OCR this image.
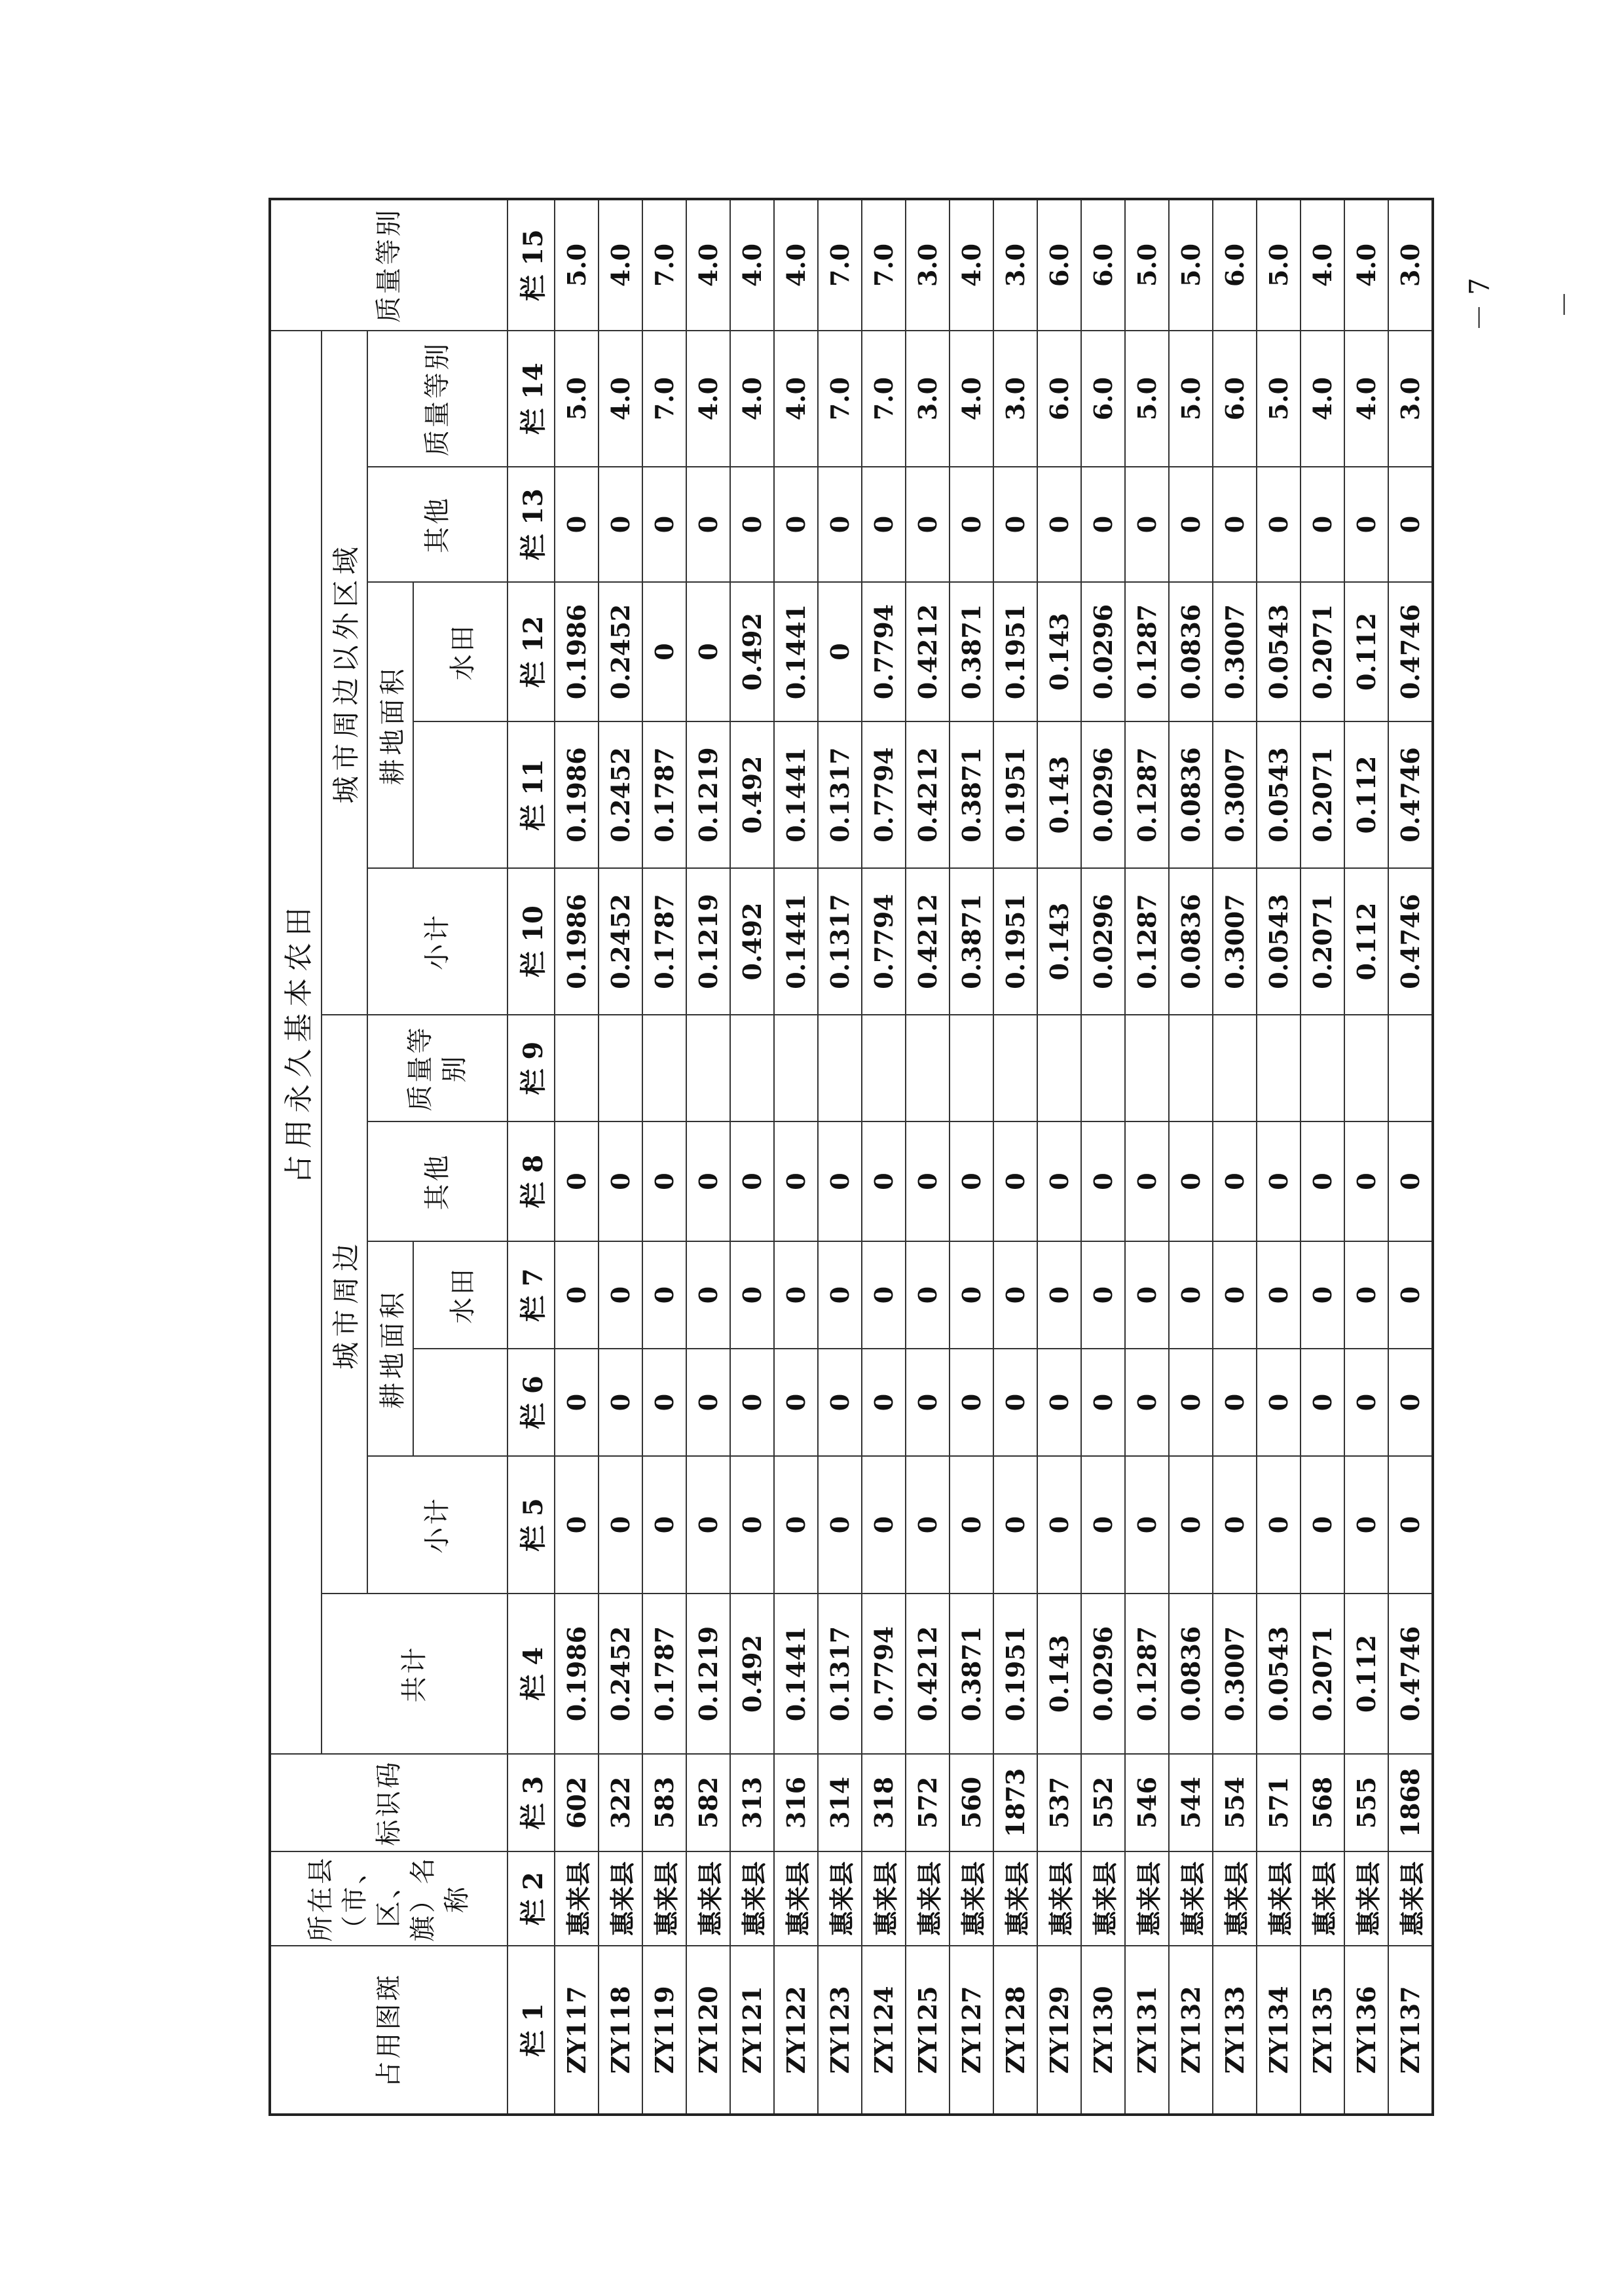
占用图斑	所在县（市、区、旗）名称	标识码	占用永久基本农田											质量等别
			共计	城市周边					城市周边以外区域					
				小计	耕地面积		其他	质量等别	小计	耕地面积		其他	质量等别	
						水田					水田			
栏 1	栏 2	栏 3	栏 4	栏 5	栏 6	栏 7	栏 8	栏 9	栏 10	栏 11	栏 12	栏 13	栏 14	栏 15
ZY117	惠来县	602	0.1986	0	0	0	0		0.1986	0.1986	0.1986	0	5.0	5.0
ZY118	惠来县	322	0.2452	0	0	0	0		0.2452	0.2452	0.2452	0	4.0	4.0
ZY119	惠来县	583	0.1787	0	0	0	0		0.1787	0.1787	0	0	7.0	7.0
ZY120	惠来县	582	0.1219	0	0	0	0		0.1219	0.1219	0	0	4.0	4.0
ZY121	惠来县	313	0.492	0	0	0	0		0.492	0.492	0.492	0	4.0	4.0
ZY122	惠来县	316	0.1441	0	0	0	0		0.1441	0.1441	0.1441	0	4.0	4.0
ZY123	惠来县	314	0.1317	0	0	0	0		0.1317	0.1317	0	0	7.0	7.0
ZY124	惠来县	318	0.7794	0	0	0	0		0.7794	0.7794	0.7794	0	7.0	7.0
ZY125	惠来县	572	0.4212	0	0	0	0		0.4212	0.4212	0.4212	0	3.0	3.0
ZY127	惠来县	560	0.3871	0	0	0	0		0.3871	0.3871	0.3871	0	4.0	4.0
ZY128	惠来县	1873	0.1951	0	0	0	0		0.1951	0.1951	0.1951	0	3.0	3.0
ZY129	惠来县	537	0.143	0	0	0	0		0.143	0.143	0.143	0	6.0	6.0
ZY130	惠来县	552	0.0296	0	0	0	0		0.0296	0.0296	0.0296	0	6.0	6.0
ZY131	惠来县	546	0.1287	0	0	0	0		0.1287	0.1287	0.1287	0	5.0	5.0
ZY132	惠来县	544	0.0836	0	0	0	0		0.0836	0.0836	0.0836	0	5.0	5.0
ZY133	惠来县	554	0.3007	0	0	0	0		0.3007	0.3007	0.3007	0	6.0	6.0
ZY134	惠来县	571	0.0543	0	0	0	0		0.0543	0.0543	0.0543	0	5.0	5.0
ZY135	惠来县	568	0.2071	0	0	0	0		0.2071	0.2071	0.2071	0	4.0	4.0
ZY136	惠来县	555	0.112	0	0	0	0		0.112	0.112	0.112	0	4.0	4.0
ZY137	惠来县	1868	0.4746	0	0	0	0		0.4746	0.4746	0.4746	0	3.0	3.0
－ 7 －
